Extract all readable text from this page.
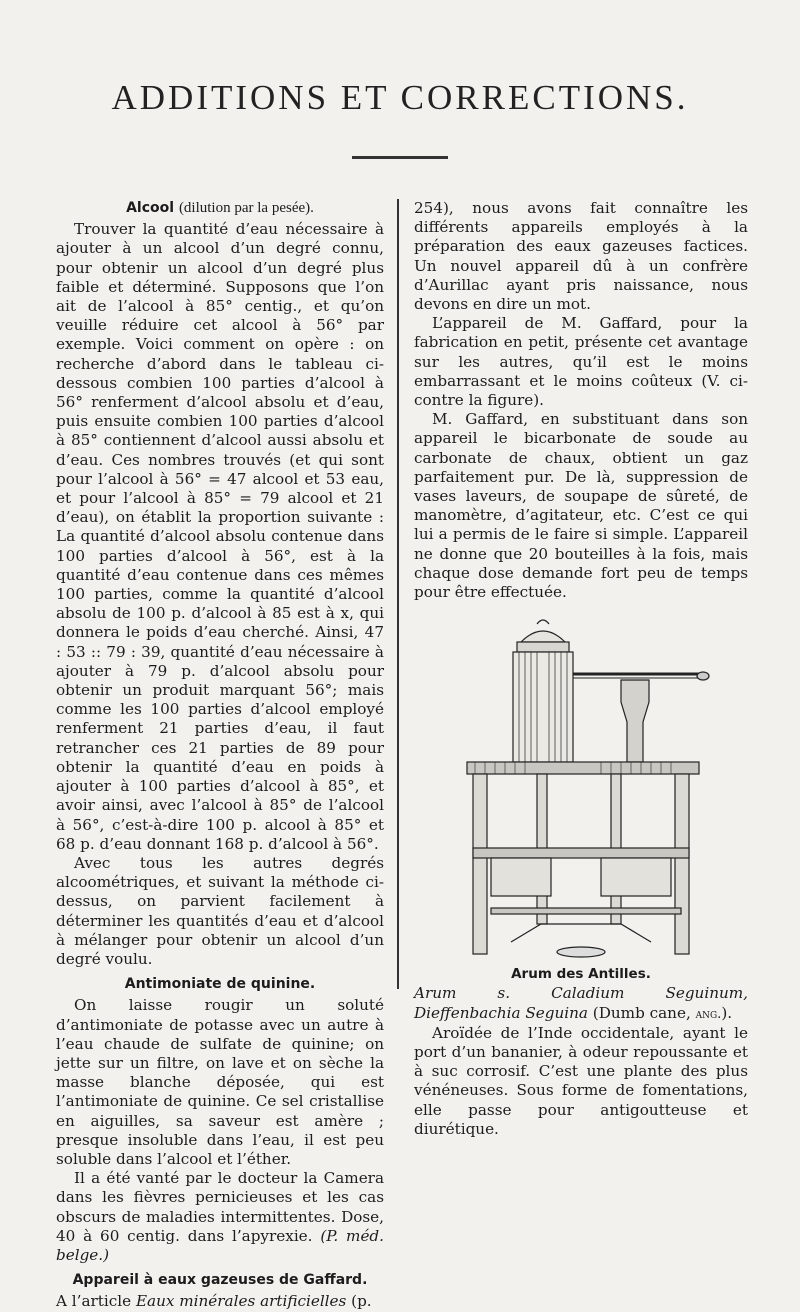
ADDITIONS ET CORRECTIONS.
Alcool (dilution par la pesée).

Trouver la quantité d’eau nécessaire à ajouter à un alcool d’un degré connu, pour obtenir un alcool d’un degré plus faible et déterminé. Supposons que l’on ait de l’alcool à 85° centig., et qu’on veuille réduire cet alcool à 56° par exemple. Voici comment on opère : on recherche d’abord dans le tableau ci-dessous combien 100 parties d’alcool à 56° renferment d’alcool absolu et d’eau, puis ensuite combien 100 parties d’alcool à 85° contiennent d’alcool aussi absolu et d’eau. Ces nombres trouvés (et qui sont pour l’alcool à 56° = 47 alcool et 53 eau, et pour l’alcool à 85° = 79 alcool et 21 d’eau), on établit la proportion suivante : La quantité d’alcool absolu contenue dans 100 parties d’alcool à 56°, est à la quantité d’eau contenue dans ces mêmes 100 parties, comme la quantité d’alcool absolu de 100 p. d’alcool à 85 est à x, qui donnera le poids d’eau cherché. Ainsi, 47 : 53 :: 79 : 39, quantité d’eau nécessaire à ajouter à 79 p. d’alcool absolu pour obtenir un produit marquant 56°; mais comme les 100 parties d’alcool employé renferment 21 parties d’eau, il faut retrancher ces 21 parties de 89 pour obtenir la quantité d’eau en poids à ajouter à 100 parties d’alcool à 85°, et avoir ainsi, avec l’alcool à 85° de l’alcool à 56°, c’est-à-dire 100 p. alcool à 85° et 68 p. d’eau donnant 168 p. d’alcool à 56°.

Avec tous les autres degrés alcoométriques, et suivant la méthode ci-dessus, on parvient facilement à déterminer les quantités d’eau et d’alcool à mélanger pour obtenir un alcool d’un degré voulu.

Antimoniate de quinine.

On laisse rougir un soluté d’antimoniate de potasse avec un autre à l’eau chaude de sulfate de quinine; on jette sur un filtre, on lave et on sèche la masse blanche déposée, qui est l’antimoniate de quinine. Ce sel cristallise en aiguilles, sa saveur est amère ; presque insoluble dans l’eau, il est peu soluble dans l’alcool et l’éther.

Il a été vanté par le docteur la Camera dans les fièvres pernicieuses et les cas obscurs de maladies intermittentes. Dose, 40 à 60 centig. dans l’apyrexie. (P. méd. belge.)

Appareil à eaux gazeuses de Gaffard.

A l’article Eaux minérales artificielles (p.

254), nous avons fait connaître les différents appareils employés à la préparation des eaux gazeuses factices. Un nouvel appareil dû à un confrère d’Aurillac ayant pris naissance, nous devons en dire un mot.

L’appareil de M. Gaffard, pour la fabrication en petit, présente cet avantage sur les autres, qu’il est le moins embarrassant et le moins coûteux (V. ci-contre la figure).

M. Gaffard, en substituant dans son appareil le bicarbonate de soude au carbonate de chaux, obtient un gaz parfaitement pur. De là, suppression de vases laveurs, de soupape de sûreté, de manomètre, d’agitateur, etc. C’est ce qui lui a permis de le faire si simple. L’appareil ne donne que 20 bouteilles à la fois, mais chaque dose demande fort peu de temps pour être effectuée.

Arum des Antilles.

Arum s. Caladium Seguinum, Dieffenbachia Seguina (Dumb cane, ang.).

Aroïdée de l’Inde occidentale, ayant le port d’un bananier, à odeur repoussante et à suc corrosif. C’est une plante des plus vénéneuses. Sous forme de fomentations, elle passe pour antigoutteuse et diurétique.
